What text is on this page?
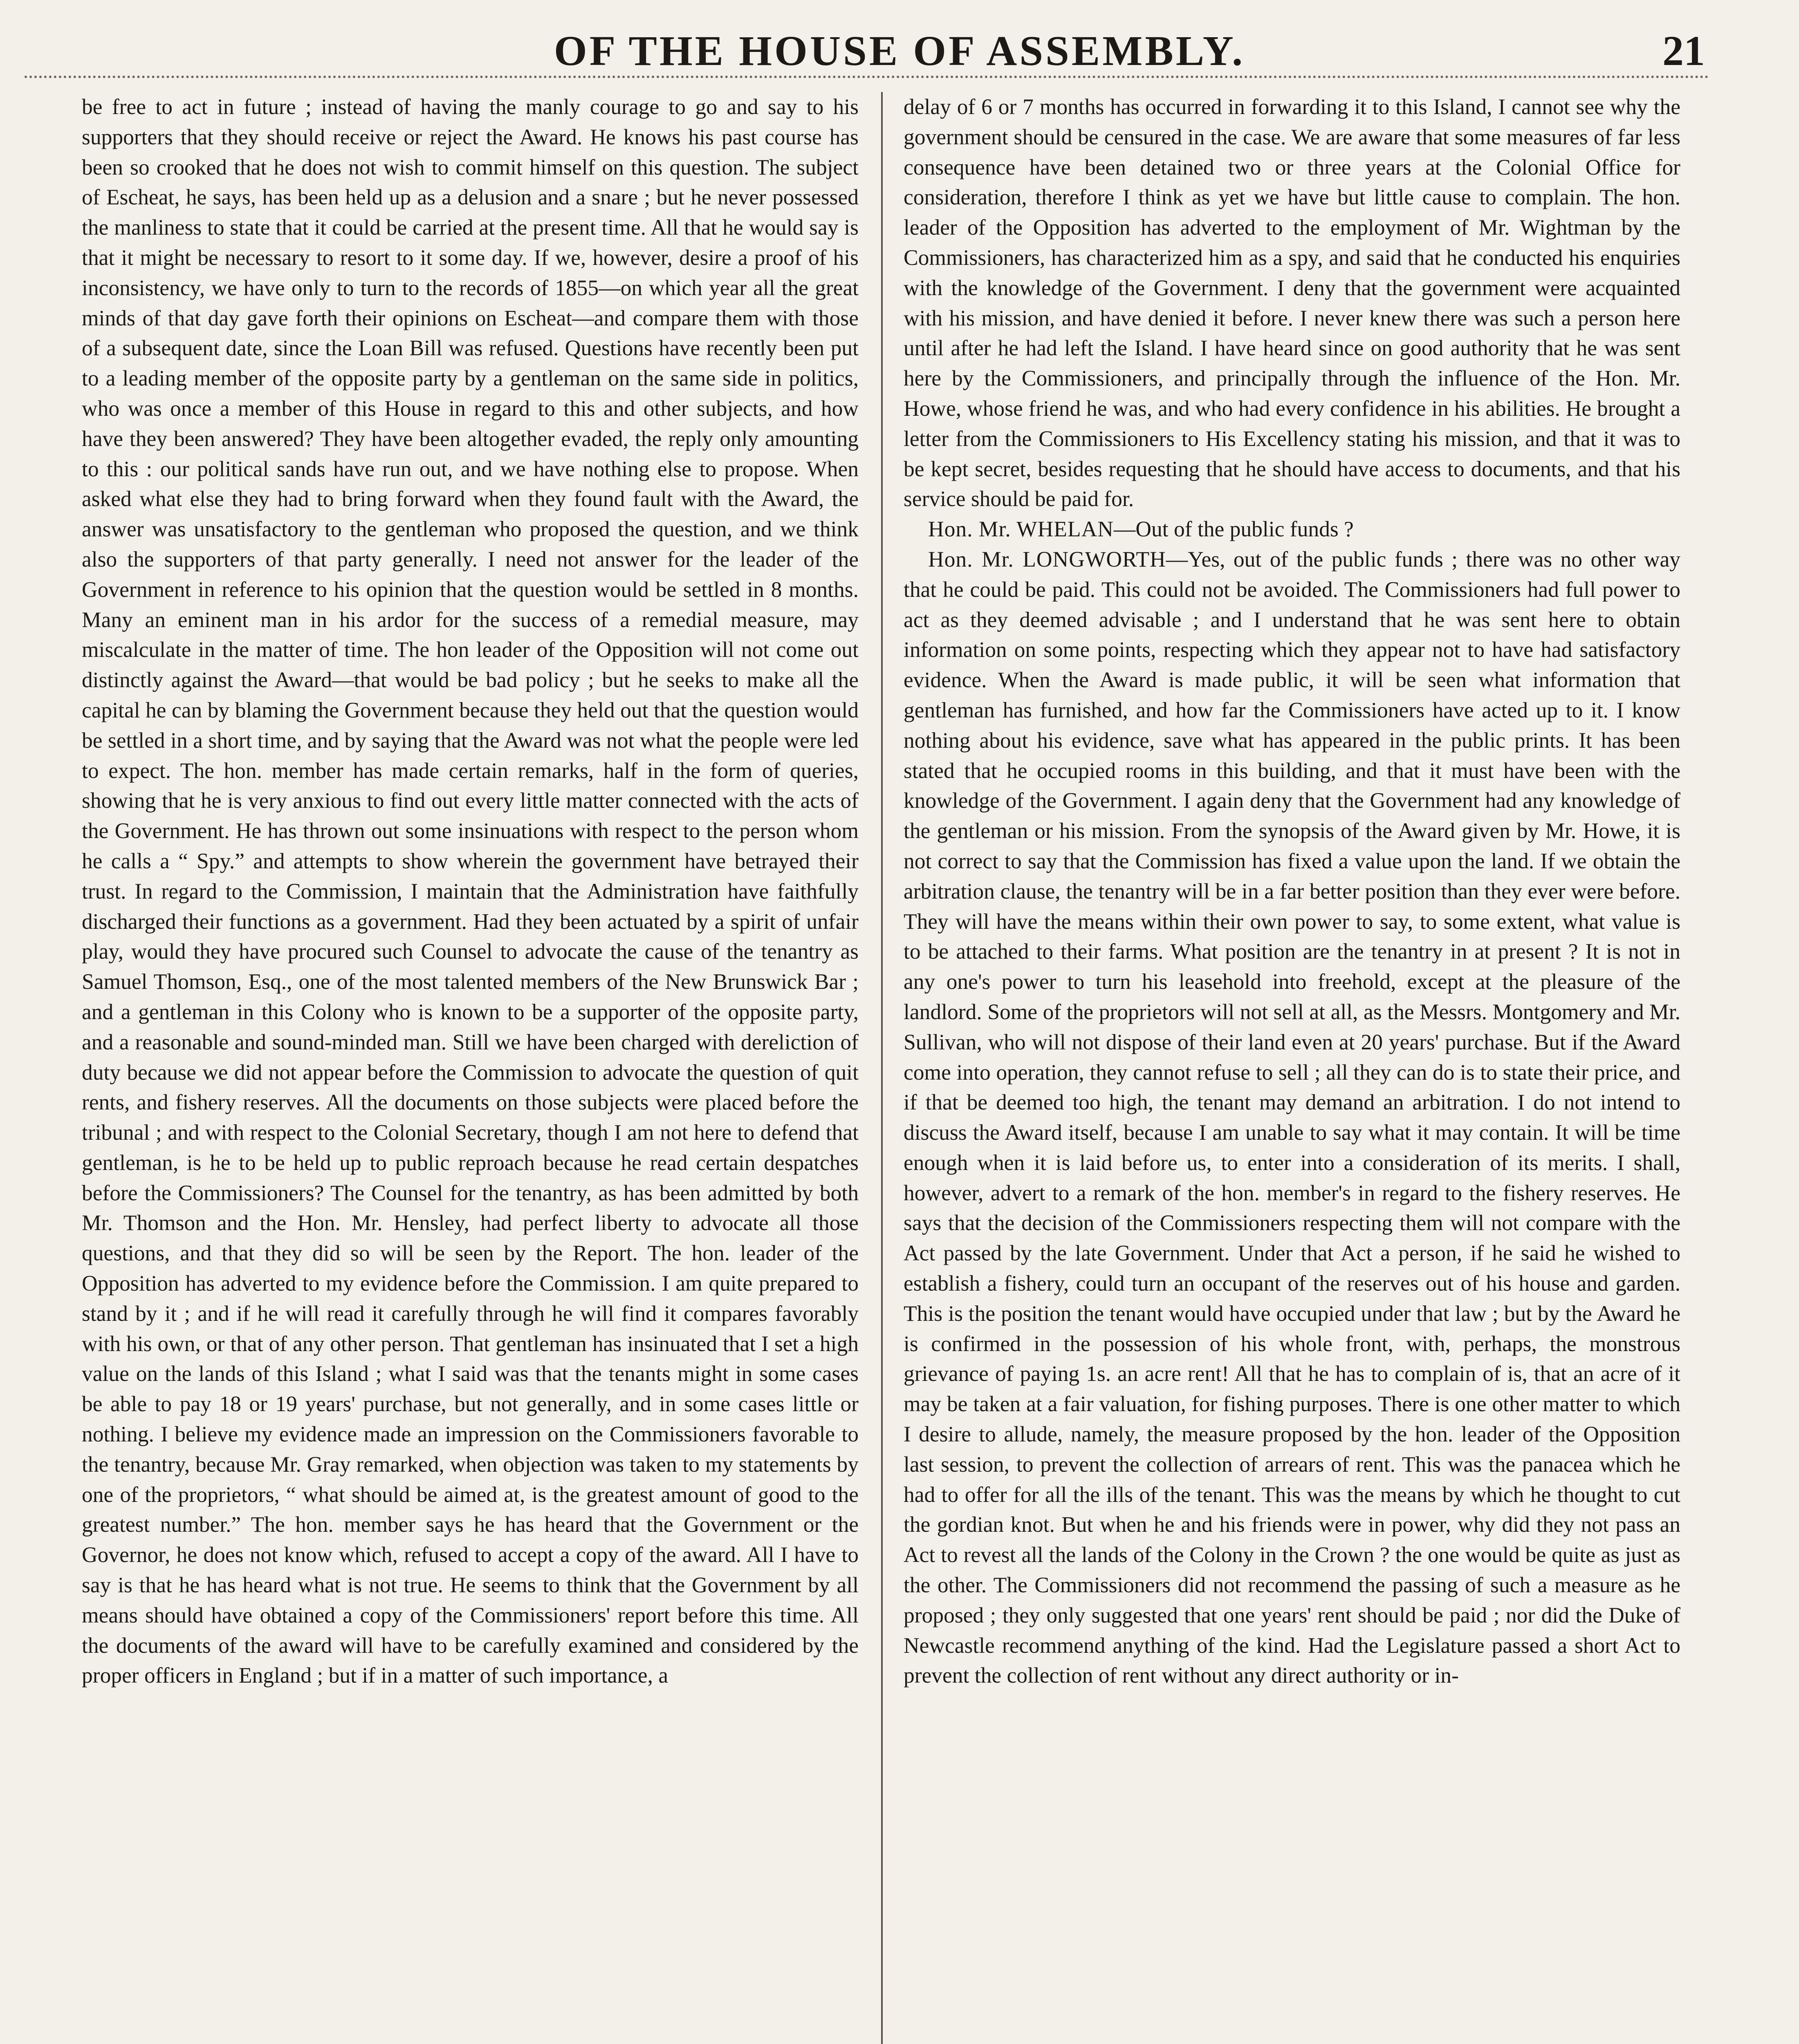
OF THE HOUSE OF ASSEMBLY.	21

be free to act in future ; instead of having the manly courage to go and say to his supporters that they should receive or reject the Award. He knows his past course has been so crooked that he does not wish to commit himself on this question. The subject of Escheat, he says, has been held up as a delusion and a snare ; but he never possessed the manliness to state that it could be carried at the present time. All that he would say is that it might be necessary to resort to it some day. If we, however, desire a proof of his inconsistency, we have only to turn to the records of 1855—on which year all the great minds of that day gave forth their opinions on Escheat—and compare them with those of a subsequent date, since the Loan Bill was refused. Questions have recently been put to a leading member of the opposite party by a gentleman on the same side in politics, who was once a member of this House in regard to this and other subjects, and how have they been answered? They have been altogether evaded, the reply only amounting to this : our political sands have run out, and we have nothing else to propose. When asked what else they had to bring forward when they found fault with the Award, the answer was unsatisfactory to the gentleman who proposed the question, and we think also the supporters of that party generally. I need not answer for the leader of the Government in reference to his opinion that the question would be settled in 8 months. Many an eminent man in his ardor for the success of a remedial measure, may miscalculate in the matter of time. The hon leader of the Opposition will not come out distinctly against the Award—that would be bad policy ; but he seeks to make all the capital he can by blaming the Government because they held out that the question would be settled in a short time, and by saying that the Award was not what the people were led to expect. The hon. member has made certain remarks, half in the form of queries, showing that he is very anxious to find out every little matter connected with the acts of the Government. He has thrown out some insinuations with respect to the person whom he calls a “ Spy.” and attempts to show wherein the government have betrayed their trust. In regard to the Commission, I maintain that the Administration have faithfully discharged their functions as a government. Had they been actuated by a spirit of unfair play, would they have procured such Counsel to advocate the cause of the tenantry as Samuel Thomson, Esq., one of the most talented members of the New Brunswick Bar ; and a gentleman in this Colony who is known to be a supporter of the opposite party, and a reasonable and sound-minded man. Still we have been charged with dereliction of duty because we did not appear before the Commission to advocate the question of quit rents, and fishery reserves. All the documents on those subjects were placed before the tribunal ; and with respect to the Colonial Secretary, though I am not here to defend that gentleman, is he to be held up to public reproach because he read certain despatches before the Commissioners? The Counsel for the tenantry, as has been admitted by both Mr. Thomson and the Hon. Mr. Hensley, had perfect liberty to advocate all those questions, and that they did so will be seen by the Report. The hon. leader of the Opposition has adverted to my evidence before the Commission. I am quite prepared to stand by it ; and if he will read it carefully through he will find it compares favorably with his own, or that of any other person. That gentleman has insinuated that I set a high value on the lands of this Island ; what I said was that the tenants might in some cases be able to pay 18 or 19 years' purchase, but not generally, and in some cases little or nothing. I believe my evidence made an impression on the Commissioners favorable to the tenantry, because Mr. Gray remarked, when objection was taken to my statements by one of the proprietors, “ what should be aimed at, is the greatest amount of good to the greatest number.” The hon. member says he has heard that the Government or the Governor, he does not know which, refused to accept a copy of the award. All I have to say is that he has heard what is not true. He seems to think that the Government by all means should have obtained a copy of the Commissioners' report before this time. All the documents of the award will have to be carefully examined and considered by the proper officers in England ; but if in a matter of such importance, a

delay of 6 or 7 months has occurred in forwarding it to this Island, I cannot see why the government should be censured in the case. We are aware that some measures of far less consequence have been detained two or three years at the Colonial Office for consideration, therefore I think as yet we have but little cause to complain. The hon. leader of the Opposition has adverted to the employment of Mr. Wightman by the Commissioners, has characterized him as a spy, and said that he conducted his enquiries with the knowledge of the Government. I deny that the government were acquainted with his mission, and have denied it before. I never knew there was such a person here until after he had left the Island. I have heard since on good authority that he was sent here by the Commissioners, and principally through the influence of the Hon. Mr. Howe, whose friend he was, and who had every confidence in his abilities. He brought a letter from the Commissioners to His Excellency stating his mission, and that it was to be kept secret, besides requesting that he should have access to documents, and that his service should be paid for.

Hon. Mr. WHELAN—Out of the public funds ?

Hon. Mr. LONGWORTH—Yes, out of the public funds ; there was no other way that he could be paid. This could not be avoided. The Commissioners had full power to act as they deemed advisable ; and I understand that he was sent here to obtain information on some points, respecting which they appear not to have had satisfactory evidence. When the Award is made public, it will be seen what information that gentleman has furnished, and how far the Commissioners have acted up to it. I know nothing about his evidence, save what has appeared in the public prints. It has been stated that he occupied rooms in this building, and that it must have been with the knowledge of the Government. I again deny that the Government had any knowledge of the gentleman or his mission. From the synopsis of the Award given by Mr. Howe, it is not correct to say that the Commission has fixed a value upon the land. If we obtain the arbitration clause, the tenantry will be in a far better position than they ever were before. They will have the means within their own power to say, to some extent, what value is to be attached to their farms. What position are the tenantry in at present ? It is not in any one's power to turn his leasehold into freehold, except at the pleasure of the landlord. Some of the proprietors will not sell at all, as the Messrs. Montgomery and Mr. Sullivan, who will not dispose of their land even at 20 years' purchase. But if the Award come into operation, they cannot refuse to sell ; all they can do is to state their price, and if that be deemed too high, the tenant may demand an arbitration. I do not intend to discuss the Award itself, because I am unable to say what it may contain. It will be time enough when it is laid before us, to enter into a consideration of its merits. I shall, however, advert to a remark of the hon. member's in regard to the fishery reserves. He says that the decision of the Commissioners respecting them will not compare with the Act passed by the late Government. Under that Act a person, if he said he wished to establish a fishery, could turn an occupant of the reserves out of his house and garden. This is the position the tenant would have occupied under that law ; but by the Award he is confirmed in the possession of his whole front, with, perhaps, the monstrous grievance of paying 1s. an acre rent! All that he has to complain of is, that an acre of it may be taken at a fair valuation, for fishing purposes. There is one other matter to which I desire to allude, namely, the measure proposed by the hon. leader of the Opposition last session, to prevent the collection of arrears of rent. This was the panacea which he had to offer for all the ills of the tenant. This was the means by which he thought to cut the gordian knot. But when he and his friends were in power, why did they not pass an Act to revest all the lands of the Colony in the Crown ? the one would be quite as just as the other. The Commissioners did not recommend the passing of such a measure as he proposed ; they only suggested that one years' rent should be paid ; nor did the Duke of Newcastle recommend anything of the kind. Had the Legislature passed a short Act to prevent the collection of rent without any direct authority or in-
